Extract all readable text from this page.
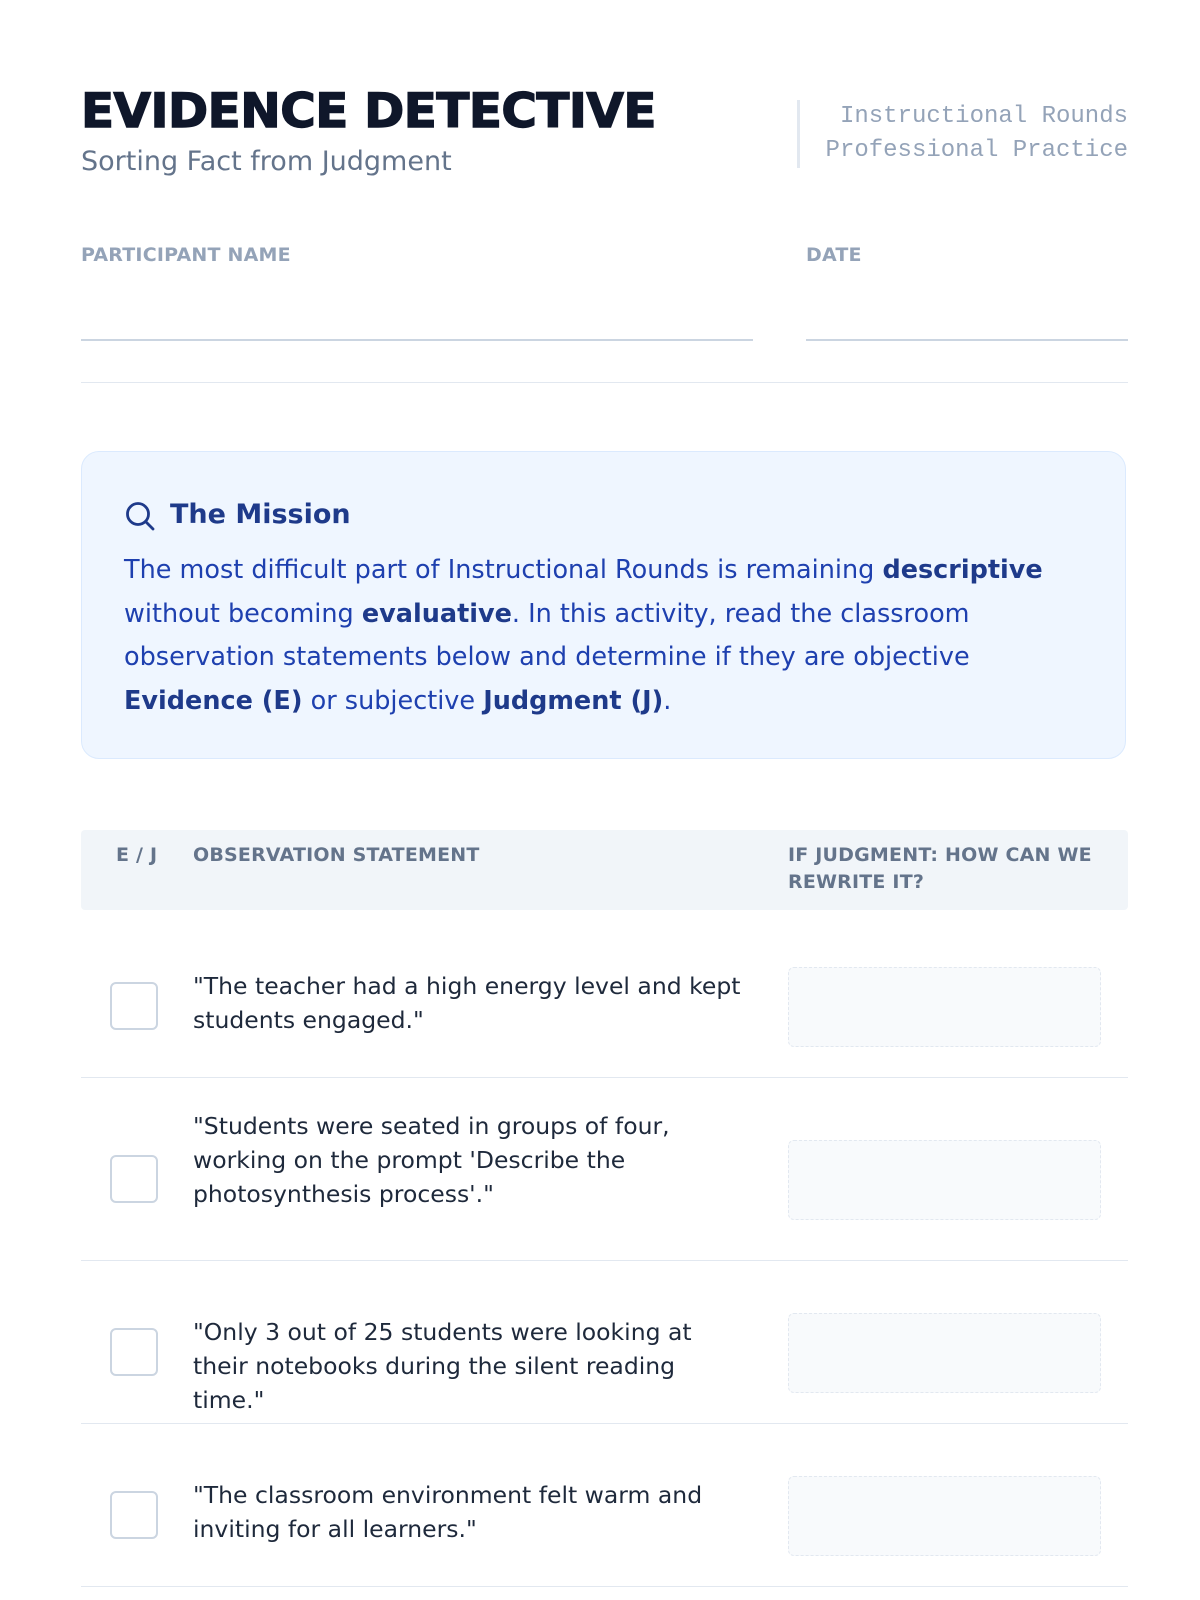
EVIDENCE DETECTIVE
Sorting Fact from Judgment
Instructional Rounds
Professional Practice
PARTICIPANT NAME	DATE
The Mission

The most difficult part of Instructional Rounds is remaining descriptive without becoming evaluative. In this activity, read the classroom observation statements below and determine if they are objective Evidence (E) or subjective Judgment (J).

E / J OBSERVATION STATEMENT	IF JUDGMENT: HOW CAN WE REWRITE IT?
"The teacher had a high energy level and kept students engaged."
"Students were seated in groups of four, working on the prompt 'Describe the photosynthesis process'."
"Only 3 out of 25 students were looking at their notebooks during the silent reading time."
"The classroom environment felt warm and inviting for all learners."
